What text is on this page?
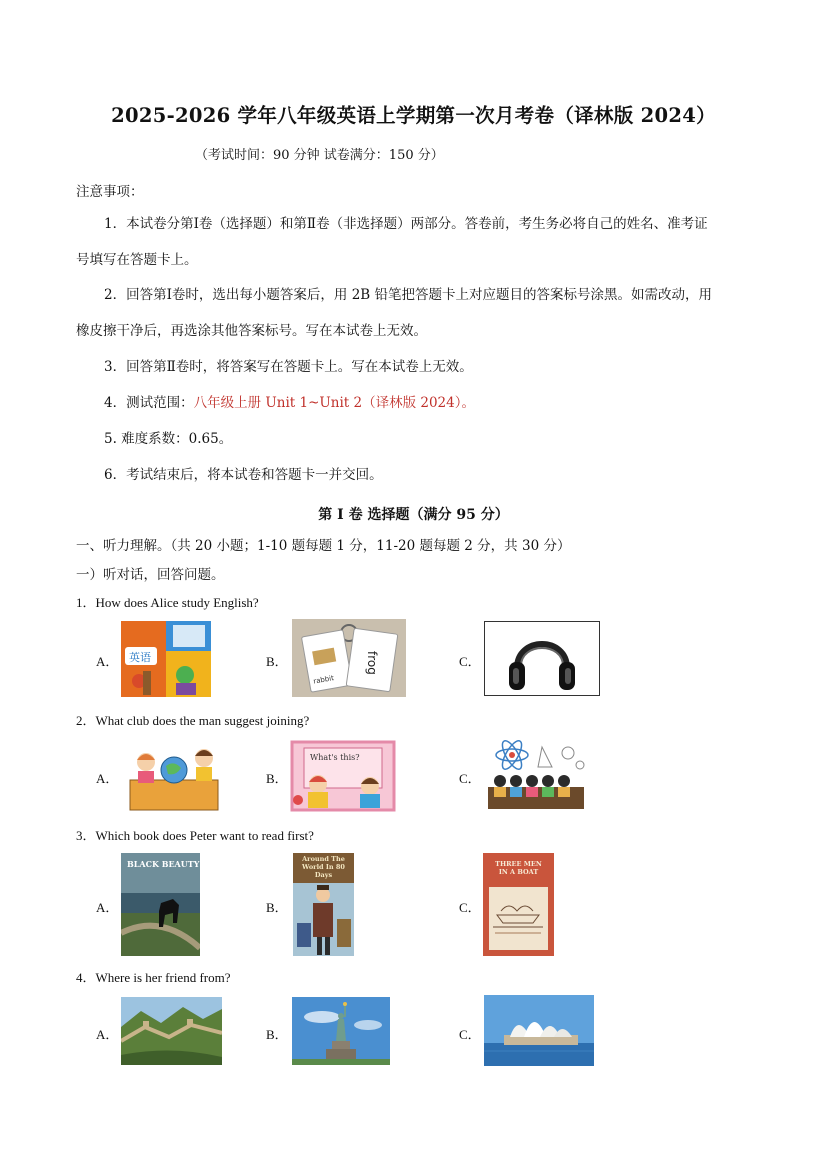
2025-2026 学年八年级英语上学期第一次月考卷（译林版 2024）
（考试时间：90 分钟 试卷满分：150 分）
注意事项：
1．本试卷分第Ⅰ卷（选择题）和第Ⅱ卷（非选择题）两部分。答卷前，考生务必将自己的姓名、准考证
号填写在答题卡上。
2．回答第Ⅰ卷时，选出每小题答案后，用 2B 铅笔把答题卡上对应题目的答案标号涂黑。如需改动，用
橡皮擦干净后，再选涂其他答案标号。写在本试卷上无效。
3．回答第Ⅱ卷时，将答案写在答题卡上。写在本试卷上无效。
4．测试范围：八年级上册 Unit 1~Unit 2（译林版 2024）。
5. 难度系数：0.65。
6．考试结束后，将本试卷和答题卡一并交回。
第 Ⅰ 卷 选择题（满分 95 分）
一、听力理解。（共 20 小题；1-10 题每题 1 分，11-20 题每题 2 分，共 30 分）
一）听对话，回答问题。
1．How does Alice study English?
A． 英语	B．
rabbit
frog	C．
2．What club does the man suggest joining?
A．	B．
What's this?
C．
3．Which book does Peter want to read first?
A．
BLACK BEAUTY
B．
Around The World In 80 Days
C．
THREE MEN IN A BOAT
4．Where is her friend from?
A．	B．	C．
